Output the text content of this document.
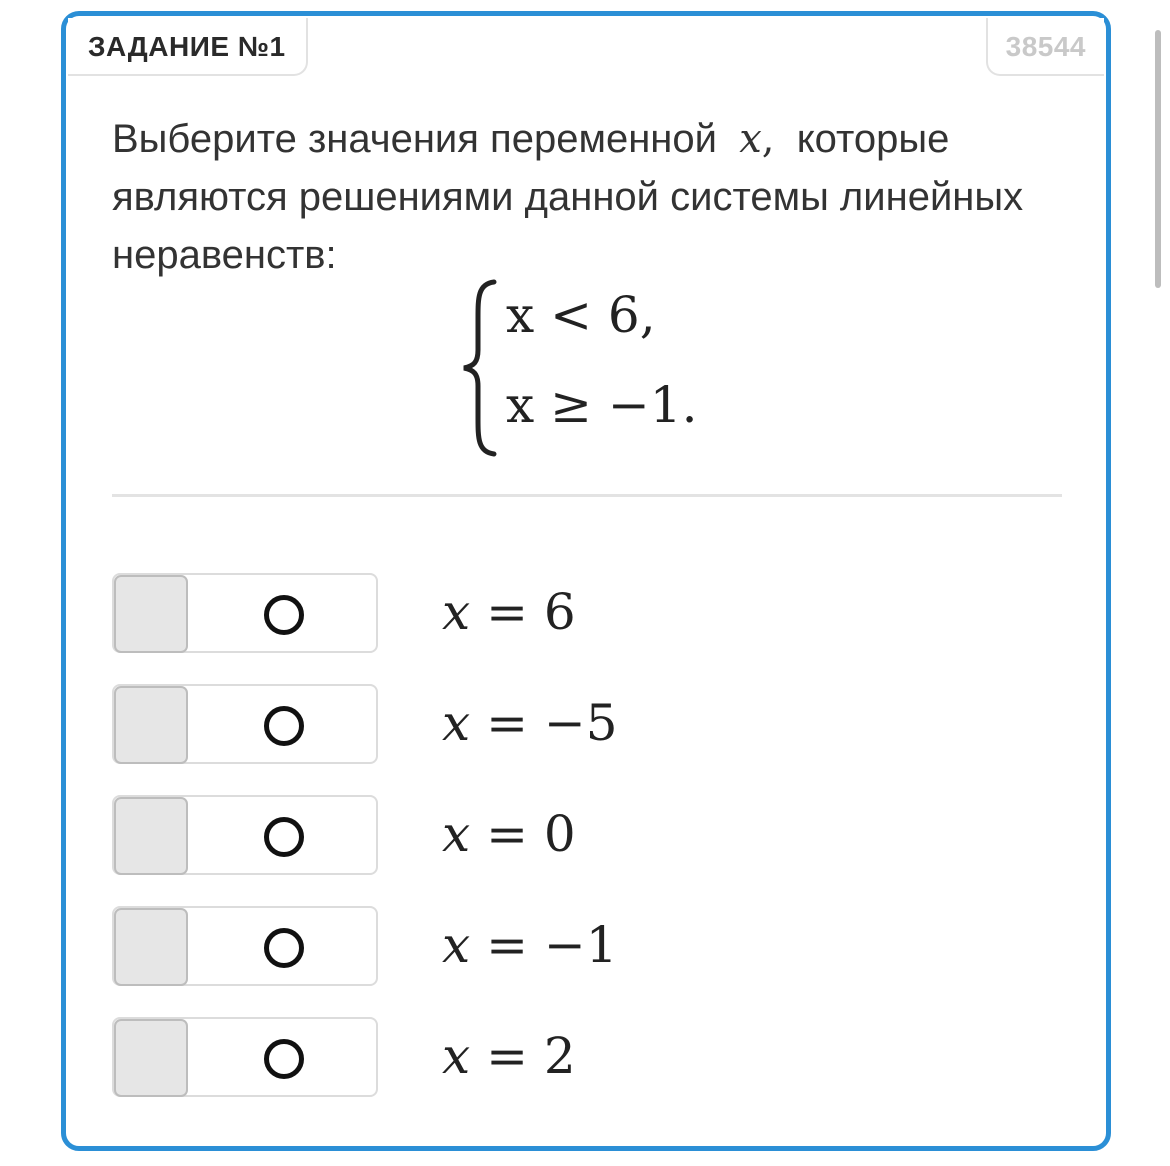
ЗАДАНИЕ №1	38544
Выберите значения переменной x, которые являются решениями данной системы линейных неравенств:
x < 6,
x ≥ −1.
x = 6
x = −5
x = 0
x = −1
x = 2
